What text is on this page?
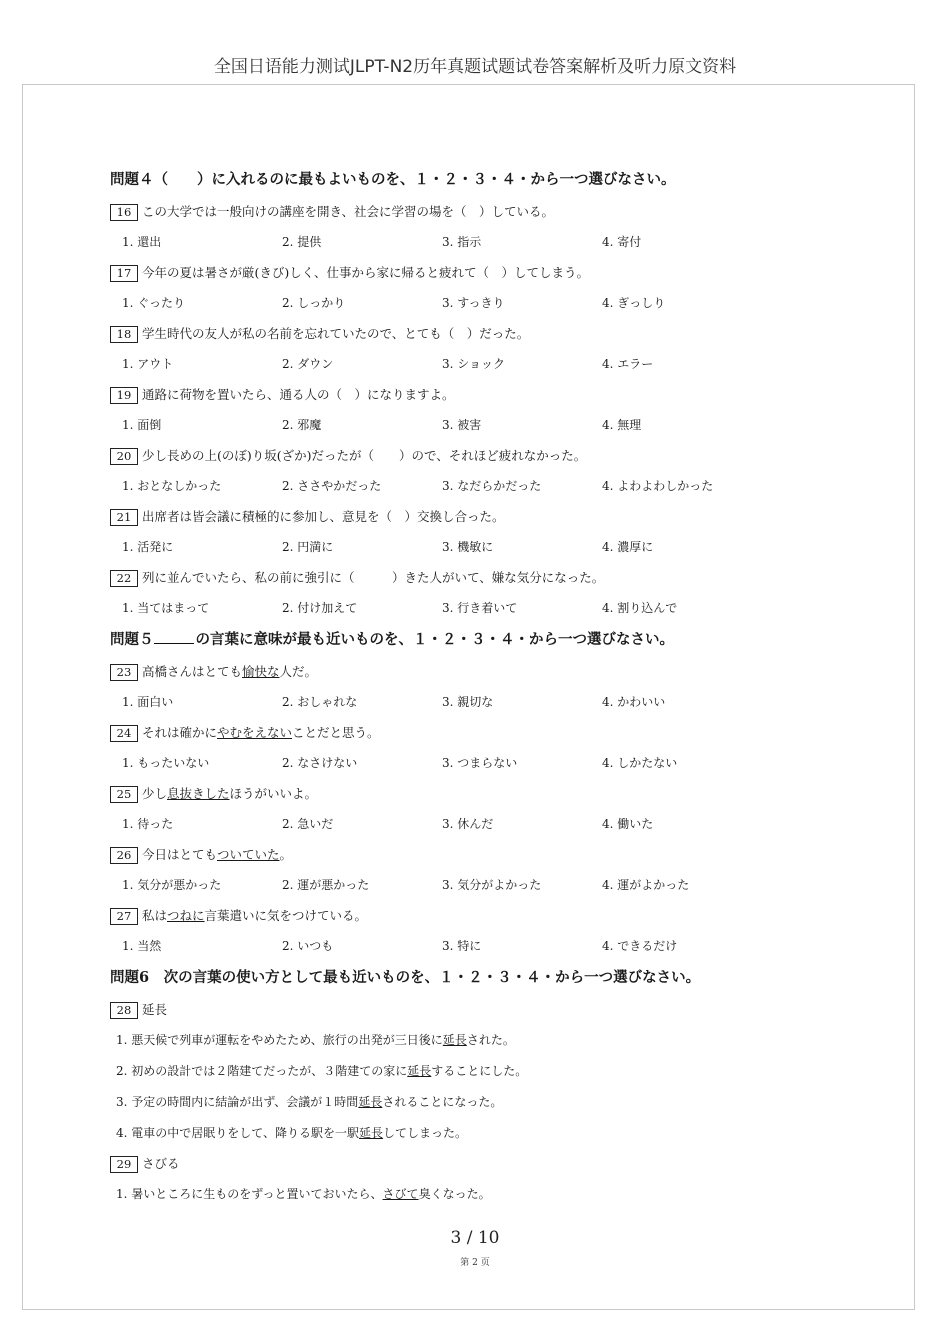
全国日语能力测试JLPT-N2历年真题试题试卷答案解析及听力原文资料
問題４（　　）に入れるのに最もよいものを、１・２・３・４・から一つ選びなさい。
16 この大学では一般向けの講座を開き、社会に学習の場を（　）している。
1. 還出	2. 提供	3. 指示	4. 寄付
17 今年の夏は暑さが厳(きび)しく、仕事から家に帰ると疲れて（　）してしまう。
1. ぐったり	2. しっかり	3. すっきり	4. ぎっしり
18 学生時代の友人が私の名前を忘れていたので、とても（　）だった。
1. アウト	2. ダウン	3. ショック	4. エラー
19 通路に荷物を置いたら、通る人の（　）になりますよ。
1. 面倒	2. 邪魔	3. 被害	4. 無理
20 少し長めの上(のぼ)り坂(ざか)だったが（　　）ので、それほど疲れなかった。
1. おとなしかった	2. ささやかだった	3. なだらかだった	4. よわよわしかった
21 出席者は皆会議に積極的に参加し、意見を（　）交換し合った。
1. 活発に	2. 円満に	3. 機敏に	4. 濃厚に
22 列に並んでいたら、私の前に強引に（　　　）きた人がいて、嫌な気分になった。
1. 当てはまって	2. 付け加えて	3. 行き着いて	4. 割り込んで
問題５	の言葉に意味が最も近いものを、１・２・３・４・から一つ選びなさい。
23 高橋さんはとても愉快な人だ。
1. 面白い	2. おしゃれな	3. 親切な	4. かわいい
24 それは確かにやむをえないことだと思う。
1. もったいない	2. なさけない	3. つまらない	4. しかたない
25 少し息抜きしたほうがいいよ。
1. 待った	2. 急いだ	3. 休んだ	4. 働いた
26 今日はとてもついていた。
1. 気分が悪かった	2. 運が悪かった	3. 気分がよかった	4. 運がよかった
27 私はつねに言葉遣いに気をつけている。
1. 当然	2. いつも	3. 特に	4. できるだけ
問題6　次の言葉の使い方として最も近いものを、１・２・３・４・から一つ選びなさい。
28 延長
1. 悪天候で列車が運転をやめたため、旅行の出発が三日後に延長された。
2. 初めの設計では２階建てだったが、３階建ての家に延長することにした。
3. 予定の時間内に結論が出ず、会議が１時間延長されることになった。
4. 電車の中で居眠りをして、降りる駅を一駅延長してしまった。
29 さびる
1. 暑いところに生ものをずっと置いておいたら、さびて臭くなった。
3 / 10
第 2 页
